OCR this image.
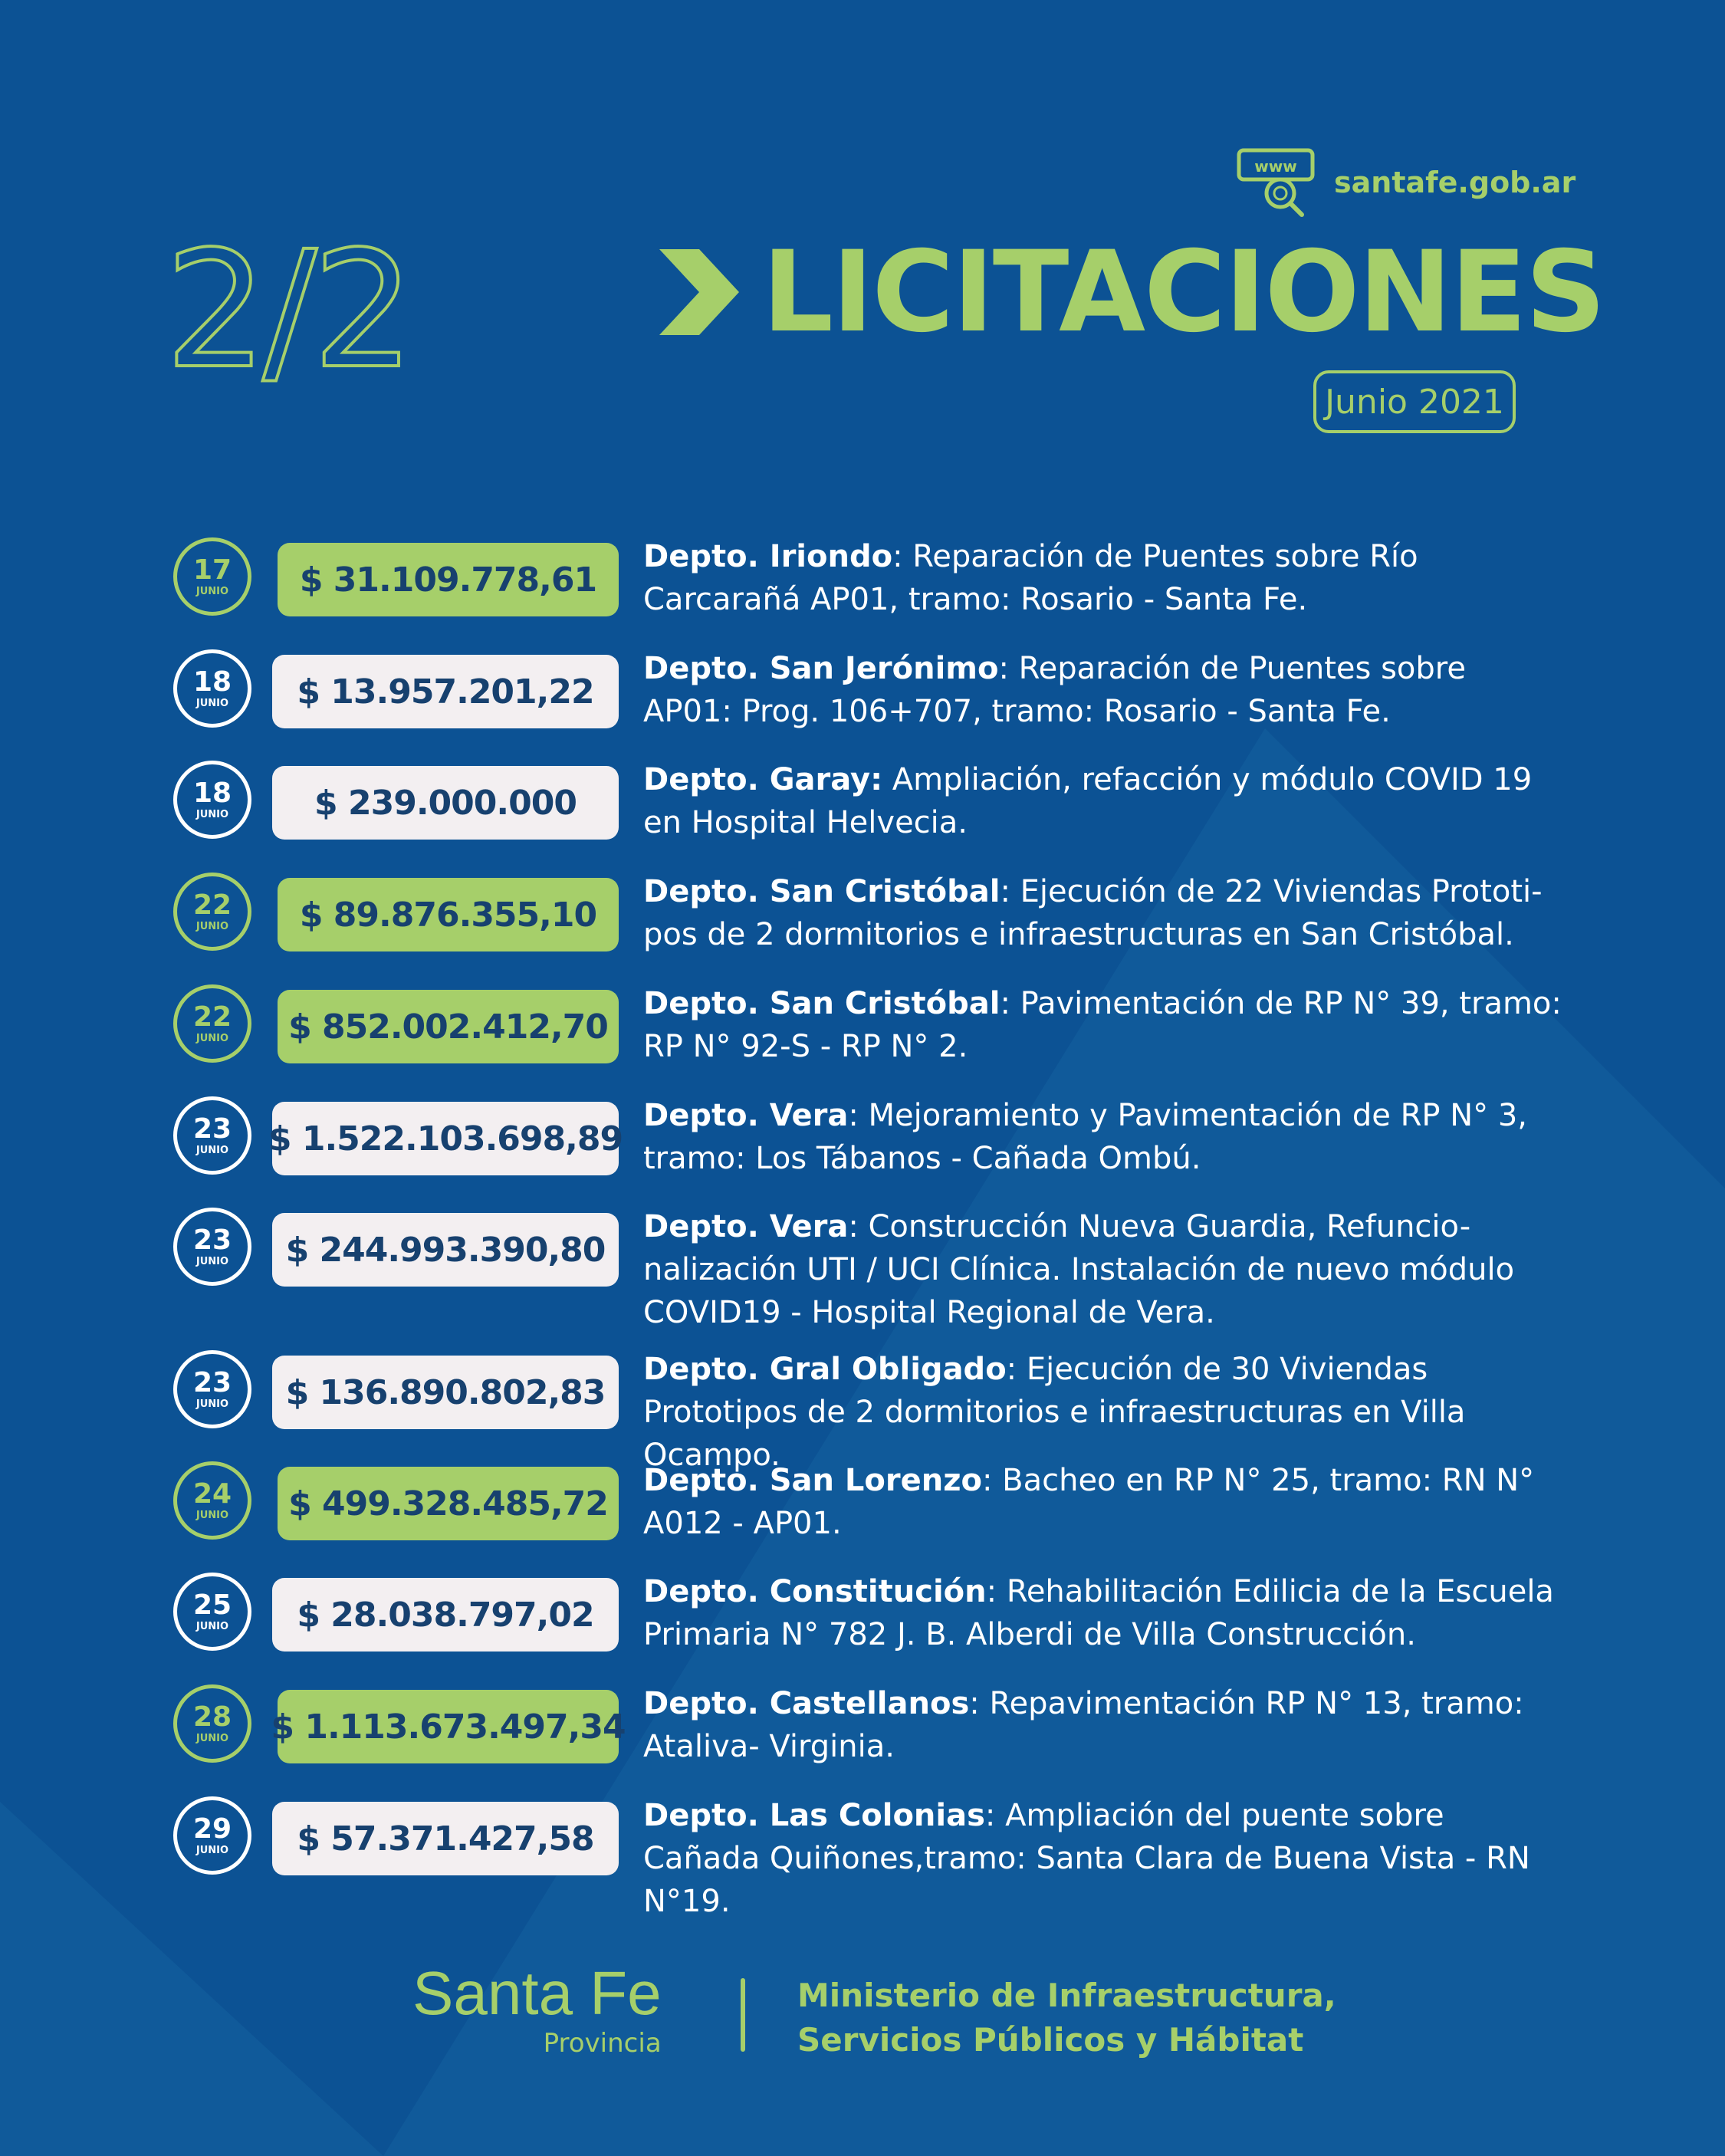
2/2
www santafe.gob.ar
LICITACIONES
Junio 2021
17
JUNIO	$ 31.109.778,61
Depto. Iriondo: Reparación de Puentes sobre Río Carcarañá AP01, tramo: Rosario - Santa Fe.
18
JUNIO	$ 13.957.201,22
Depto. San Jerónimo: Reparación de Puentes sobre AP01: Prog. 106+707, tramo: Rosario - Santa Fe.
18
JUNIO	$ 239.000.000
Depto. Garay: Ampliación, refacción y módulo COVID 19 en Hospital Helvecia.
22
JUNIO	$ 89.876.355,10
Depto. San Cristóbal: Ejecución de 22 Viviendas Prototi-pos de 2 dormitorios e infraestructuras en San Cristóbal.
22
JUNIO	$ 852.002.412,70
Depto. San Cristóbal: Pavimentación de RP N° 39, tramo: RP N° 92-S - RP N° 2.
23
JUNIO $ 1.522.103.698,89
Depto. Vera: Mejoramiento y Pavimentación de RP N° 3, tramo: Los Tábanos - Cañada Ombú.
23
JUNIO	$ 244.993.390,80
Depto. Vera: Construcción Nueva Guardia, Refuncio-nalización UTI / UCI Clínica. Instalación de nuevo módulo COVID19 - Hospital Regional de Vera.
23
JUNIO	$ 136.890.802,83
Depto. Gral Obligado: Ejecución de 30 Viviendas Prototipos de 2 dormitorios e infraestructuras en Villa Ocampo.
24
JUNIO	$ 499.328.485,72
Depto. San Lorenzo: Bacheo en RP N° 25, tramo: RN N° A012 - AP01.
25
JUNIO	$ 28.038.797,02
Depto. Constitución: Rehabilitación Edilicia de la Escuela Primaria N° 782 J. B. Alberdi de Villa Construcción.
28
JUNIO $ 1.113.673.497,34
Depto. Castellanos: Repavimentación RP N° 13, tramo: Ataliva- Virginia.
29
JUNIO	$ 57.371.427,58
Depto. Las Colonias: Ampliación del puente sobre Cañada Quiñones,tramo: Santa Clara de Buena Vista - RN N°19.
Santa Fe
Provincia
Ministerio de Infraestructura,
Servicios Públicos y Hábitat
